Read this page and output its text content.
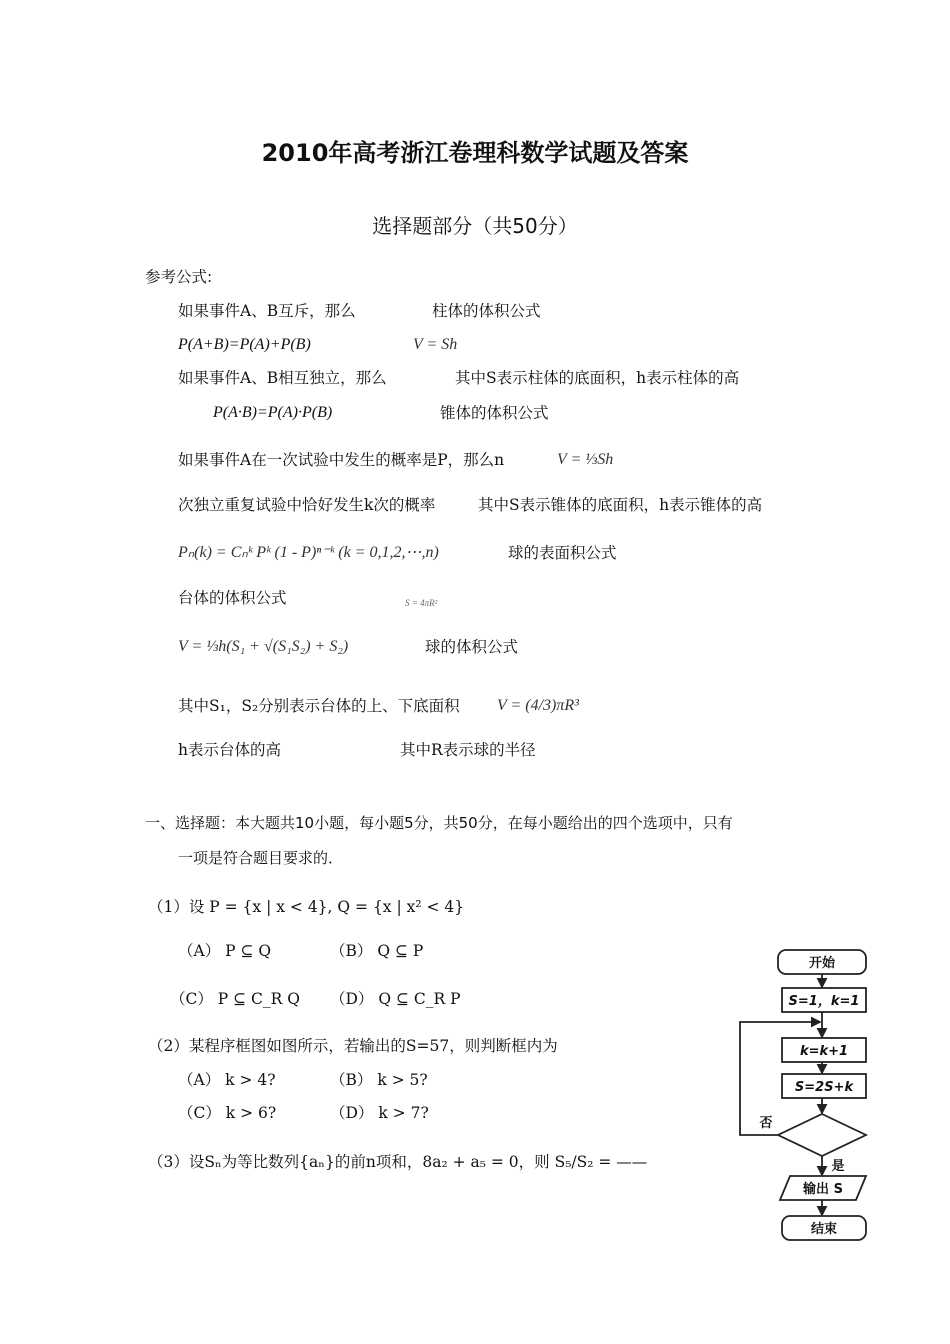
2010年高考浙江卷理科数学试题及答案
选择题部分（共50分）
参考公式:
如果事件A、B互斥，那么
P(A+B)=P(A)+P(B)
如果事件A、B相互独立，那么
P(A·B)=P(A)·P(B)
如果事件A在一次试验中发生的概率是P，那么n
次独立重复试验中恰好发生k次的概率
Pₙ(k) = Cₙᵏ Pᵏ (1 - P)ⁿ⁻ᵏ (k = 0,1,2,⋯,n)
台体的体积公式
V = ⅓h(S₁ + √(S₁S₂) + S₂)
其中S₁，S₂分别表示台体的上、下底面积
h表示台体的高
柱体的体积公式
V = Sh
其中S表示柱体的底面积，h表示柱体的高
锥体的体积公式
V = ⅓Sh
其中S表示锥体的底面积，h表示锥体的高
球的表面积公式
S = 4πR²
球的体积公式
V = (4/3)πR³
其中R表示球的半径
一、选择题：本大题共10小题，每小题5分，共50分，在每小题给出的四个选项中，只有
一项是符合题目要求的．
（1）设 P = {x | x < 4}, Q = {x | x² < 4}
（A） P ⊆ Q	（B） Q ⊆ P
（C） P ⊆ C_R Q （D） Q ⊆ C_R P
（2）某程序框图如图所示，若输出的S=57，则判断框内为
（A） k > 4?	（B） k > 5?
（C） k > 6?	（D） k > 7?
（3）设Sₙ为等比数列{aₙ}的前n项和，8a₂ + a₅ = 0，则 S₅/S₂ = ——
开始
S=1，k=1
k=k+1
S=2S+k
否
是
输出 S
结束
